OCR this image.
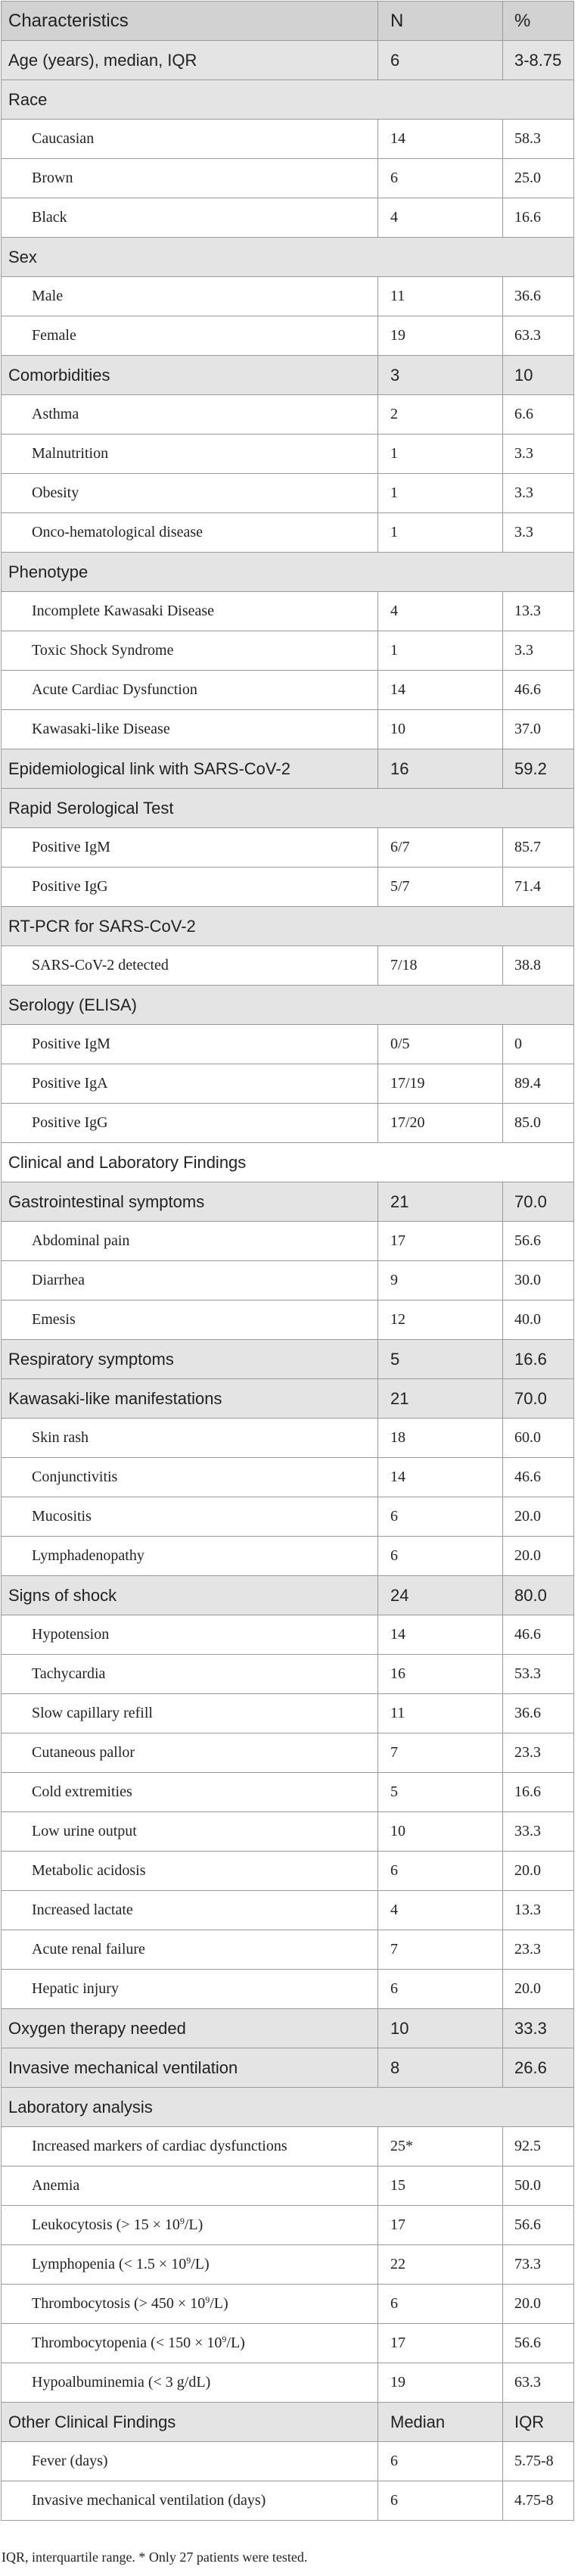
Characteristics	N	%
Age (years), median, IQR	6	3-8.75
Race
Caucasian	14	58.3
Brown	6	25.0
Black	4	16.6
Sex
Male	11	36.6
Female	19	63.3
Comorbidities	3	10
Asthma	2	6.6
Malnutrition	1	3.3
Obesity	1	3.3
Onco-hematological disease	1	3.3
Phenotype
Incomplete Kawasaki Disease	4	13.3
Toxic Shock Syndrome	1	3.3
Acute Cardiac Dysfunction	14	46.6
Kawasaki-like Disease	10	37.0
Epidemiological link with SARS-CoV-2	16	59.2
Rapid Serological Test
Positive IgM	6/7	85.7
Positive IgG	5/7	71.4
RT-PCR for SARS-CoV-2
SARS-CoV-2 detected	7/18	38.8
Serology (ELISA)
Positive IgM	0/5	0
Positive IgA	17/19	89.4
Positive IgG	17/20	85.0
Clinical and Laboratory Findings
Gastrointestinal symptoms	21	70.0
Abdominal pain	17	56.6
Diarrhea	9	30.0
Emesis	12	40.0
Respiratory symptoms	5	16.6
Kawasaki-like manifestations	21	70.0
Skin rash	18	60.0
Conjunctivitis	14	46.6
Mucositis	6	20.0
Lymphadenopathy	6	20.0
Signs of shock	24	80.0
Hypotension	14	46.6
Tachycardia	16	53.3
Slow capillary refill	11	36.6
Cutaneous pallor	7	23.3
Cold extremities	5	16.6
Low urine output	10	33.3
Metabolic acidosis	6	20.0
Increased lactate	4	13.3
Acute renal failure	7	23.3
Hepatic injury	6	20.0
Oxygen therapy needed	10	33.3
Invasive mechanical ventilation	8	26.6
Laboratory analysis
Increased markers of cardiac dysfunctions	25*	92.5
Anemia	15	50.0
Leukocytosis (> $15 \times 10^9$ /L)	17	56.6
Lymphopenia (< $1.5 \times 10^9$ /L)	22	73.3
Thrombocytosis (> $450 \times 10^9$ /L)	6	20.0
Thrombocytopenia (< $150 \times 10^9$ /L)	17	56.6
Hypoalbuminemia (< 3 g/dL)	19	63.3
Other Clinical Findings	Median	IQR
Fever (days)	6	5.75-8
Invasive mechanical ventilation (days)	6	4.75-8
IQR, interquartile range. * Only 27 patients were tested.
